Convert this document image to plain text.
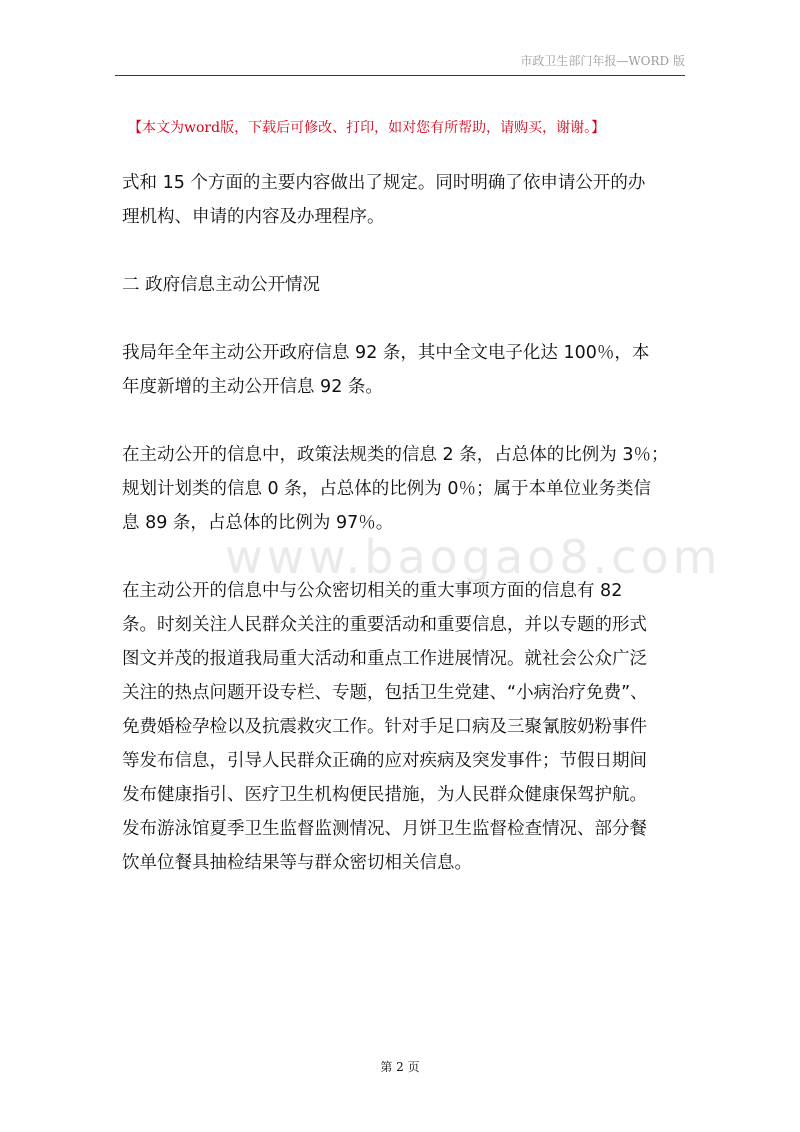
市政卫生部门年报—WORD 版
【本文为word版，下载后可修改、打印，如对您有所帮助，请购买，谢谢。】
www.baogao8.com
式和 15 个方面的主要内容做出了规定。同时明确了依申请公开的办
理机构、申请的内容及办理程序。
二 政府信息主动公开情况
我局年全年主动公开政府信息 92 条，其中全文电子化达 100％，本
年度新增的主动公开信息 92 条。
在主动公开的信息中，政策法规类的信息 2 条，占总体的比例为 3％；
规划计划类的信息 0 条，占总体的比例为 0％；属于本单位业务类信
息 89 条，占总体的比例为 97％。
在主动公开的信息中与公众密切相关的重大事项方面的信息有 82
条。时刻关注人民群众关注的重要活动和重要信息，并以专题的形式
图文并茂的报道我局重大活动和重点工作进展情况。就社会公众广泛
关注的热点问题开设专栏、专题，包括卫生党建、“小病治疗免费”、
免费婚检孕检以及抗震救灾工作。针对手足口病及三聚氰胺奶粉事件
等发布信息，引导人民群众正确的应对疾病及突发事件；节假日期间
发布健康指引、医疗卫生机构便民措施，为人民群众健康保驾护航。
发布游泳馆夏季卫生监督监测情况、月饼卫生监督检查情况、部分餐
饮单位餐具抽检结果等与群众密切相关信息。
第 2 页
